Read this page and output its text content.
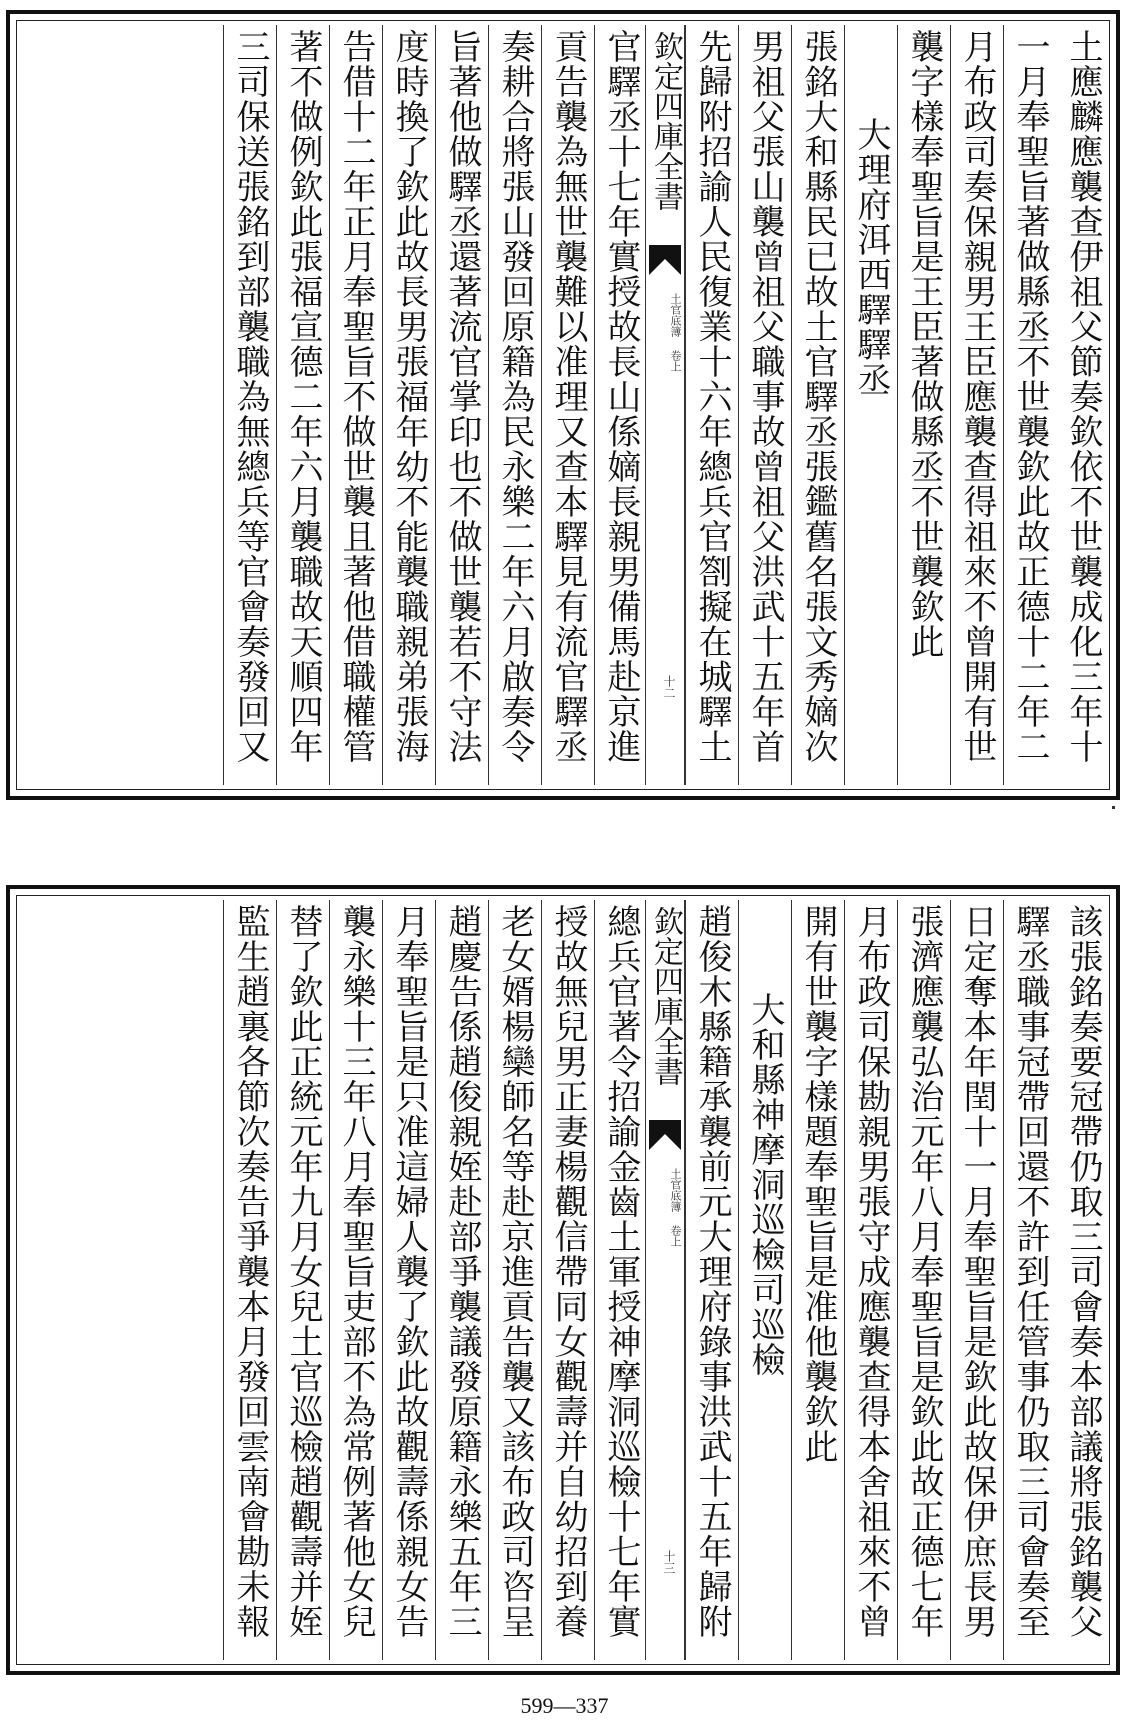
土應麟應襲查伊祖父節奏欽依不世襲成化三年十
一月奉聖旨著做縣丞不世襲欽此故正德十二年二
月布政司奏保親男王臣應襲查得祖來不曾開有世
襲字樣奉聖旨是王臣著做縣丞不世襲欽此
大理府洱西驛驛丞
張銘大和縣民已故土官驛丞張鑑舊名張文秀嫡次
男祖父張山襲曾祖父職事故曾祖父洪武十五年首
先歸附招諭人民復業十六年總兵官劄擬在城驛土
欽定四庫全書
土官底簿 卷上
十二
官驛丞十七年實授故長山係嫡長親男備馬赴京進
貢告襲為無世襲難以准理又查本驛見有流官驛丞
奏耕合將張山發回原籍為民永樂二年六月啟奏令
旨著他做驛丞還著流官掌印也不做世襲若不守法
度時換了欽此故長男張福年幼不能襲職親弟張海
告借十二年正月奉聖旨不做世襲且著他借職權管
著不做例欽此張福宣德二年六月襲職故天順四年
三司保送張銘到部襲職為無總兵等官會奏發回又
該張銘奏要冠帶仍取三司會奏本部議將張銘襲父
驛丞職事冠帶回還不許到任管事仍取三司會奏至
日定奪本年閏十一月奉聖旨是欽此故保伊庶長男
張濟應襲弘治元年八月奉聖旨是欽此故正德七年
月布政司保勘親男張守成應襲查得本舍祖來不曾
開有世襲字樣題奉聖旨是准他襲欽此
大和縣神摩洞巡檢司巡檢
趙俊木縣籍承襲前元大理府錄事洪武十五年歸附
欽定四庫全書
土官底簿 卷上
十三
總兵官著令招諭金齒土軍授神摩洞巡檢十七年實
授故無兒男正妻楊觀信帶同女觀壽并自幼招到養
老女婿楊欒師名等赴京進貢告襲又該布政司咨呈
趙慶告係趙俊親姪赴部爭襲議發原籍永樂五年三
月奉聖旨是只准這婦人襲了欽此故觀壽係親女告
襲永樂十三年八月奉聖旨吏部不為常例著他女兒
替了欽此正統元年九月女兒土官巡檢趙觀壽并姪
監生趙裏各節次奏告爭襲本月發回雲南會勘未報
599—337
